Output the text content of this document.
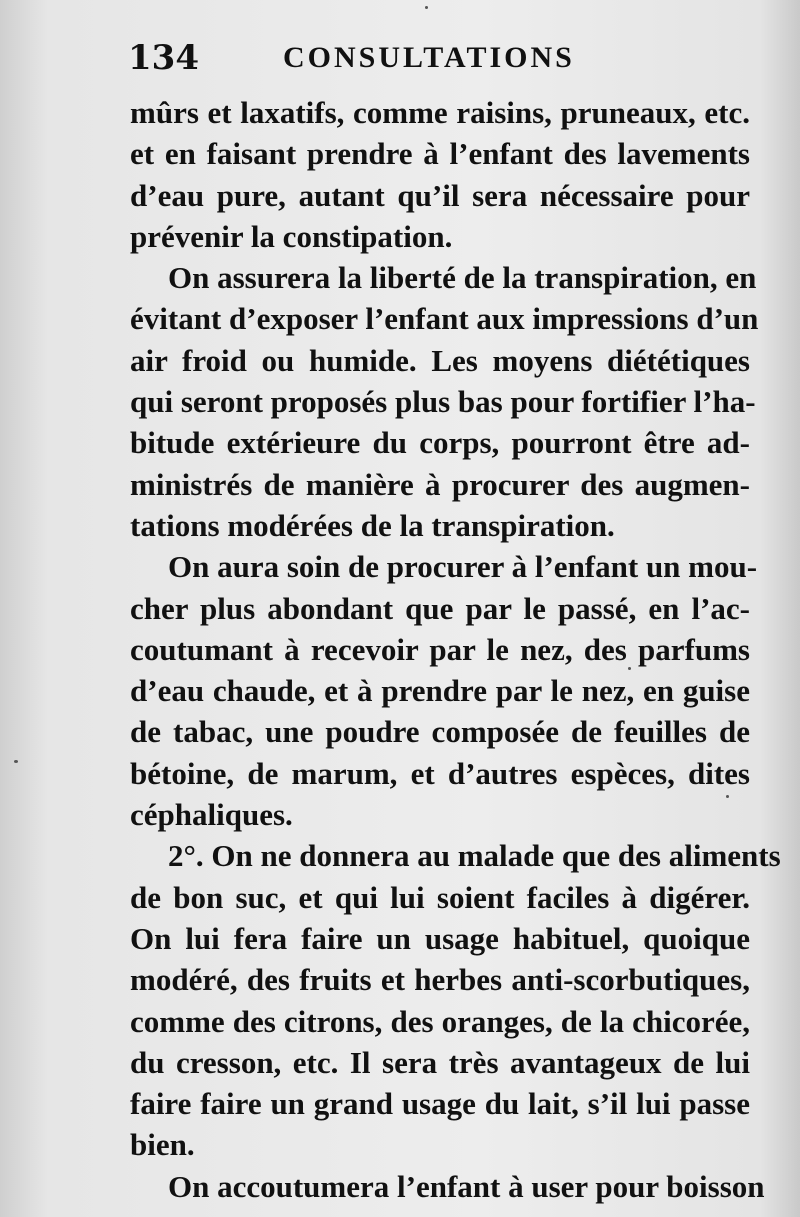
134	CONSULTATIONS
mûrs et laxatifs, comme raisins, pruneaux, etc.
et en faisant prendre à l’enfant des lavements
d’eau pure, autant qu’il sera nécessaire pour
prévenir la constipation.
On assurera la liberté de la transpiration, en
évitant d’exposer l’enfant aux impressions d’un
air froid ou humide. Les moyens diététiques
qui seront proposés plus bas pour fortifier l’ha-
bitude extérieure du corps, pourront être ad-
ministrés de manière à procurer des augmen-
tations modérées de la transpiration.
On aura soin de procurer à l’enfant un mou-
cher plus abondant que par le passé, en l’ac-
coutumant à recevoir par le nez, des parfums
d’eau chaude, et à prendre par le nez, en guise
de tabac, une poudre composée de feuilles de
bétoine, de marum, et d’autres espèces, dites
céphaliques.
2°. On ne donnera au malade que des aliments
de bon suc, et qui lui soient faciles à digérer.
On lui fera faire un usage habituel, quoique
modéré, des fruits et herbes anti-scorbutiques,
comme des citrons, des oranges, de la chicorée,
du cresson, etc. Il sera très avantageux de lui
faire faire un grand usage du lait, s’il lui passe
bien.
On accoutumera l’enfant à user pour boisson
